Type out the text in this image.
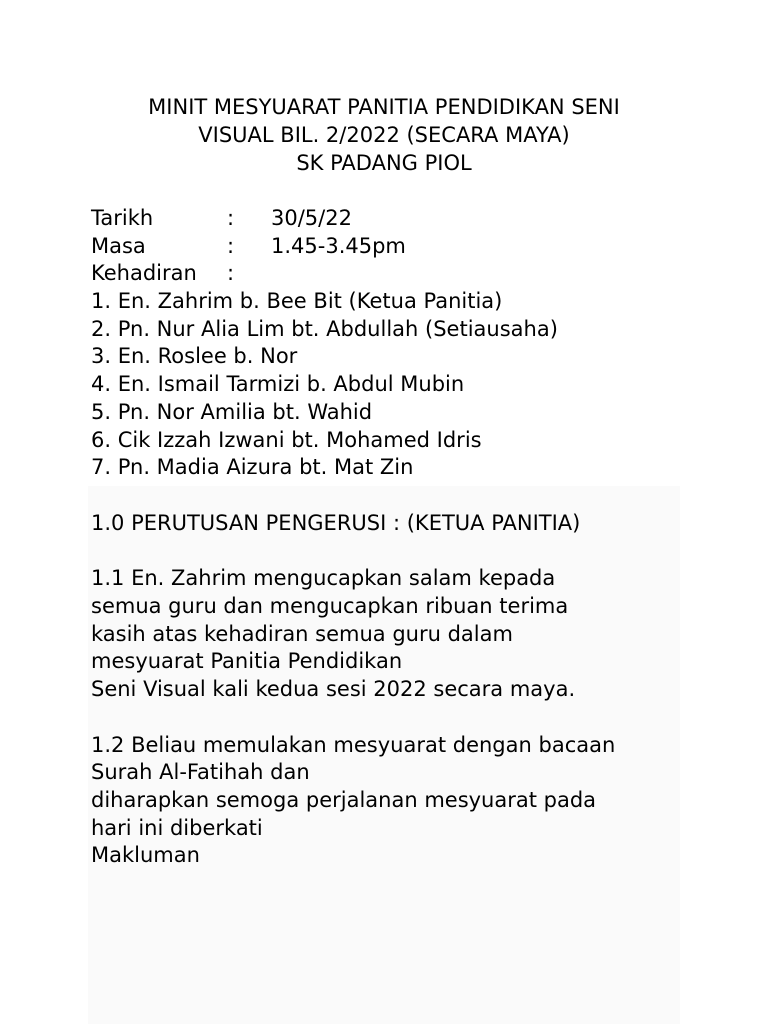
MINIT MESYUARAT PANITIA PENDIDIKAN SENI
VISUAL BIL. 2/2022 (SECARA MAYA)
SK PADANG PIOL
Tarikh	: 30/5/22
Masa	: 1.45-3.45pm
Kehadiran :
1. En. Zahrim b. Bee Bit (Ketua Panitia)
2. Pn. Nur Alia Lim bt. Abdullah (Setiausaha)
3. En. Roslee b. Nor
4. En. Ismail Tarmizi b. Abdul Mubin
5. Pn. Nor Amilia bt. Wahid
6. Cik Izzah Izwani bt. Mohamed Idris
7. Pn. Madia Aizura bt. Mat Zin
1.0 PERUTUSAN PENGERUSI : (KETUA PANITIA)
1.1 En. Zahrim mengucapkan salam kepada
semua guru dan mengucapkan ribuan terima
kasih atas kehadiran semua guru dalam
mesyuarat Panitia Pendidikan
Seni Visual kali kedua sesi 2022 secara maya.
1.2 Beliau memulakan mesyuarat dengan bacaan
Surah Al-Fatihah dan
diharapkan semoga perjalanan mesyuarat pada
hari ini diberkati
Makluman
